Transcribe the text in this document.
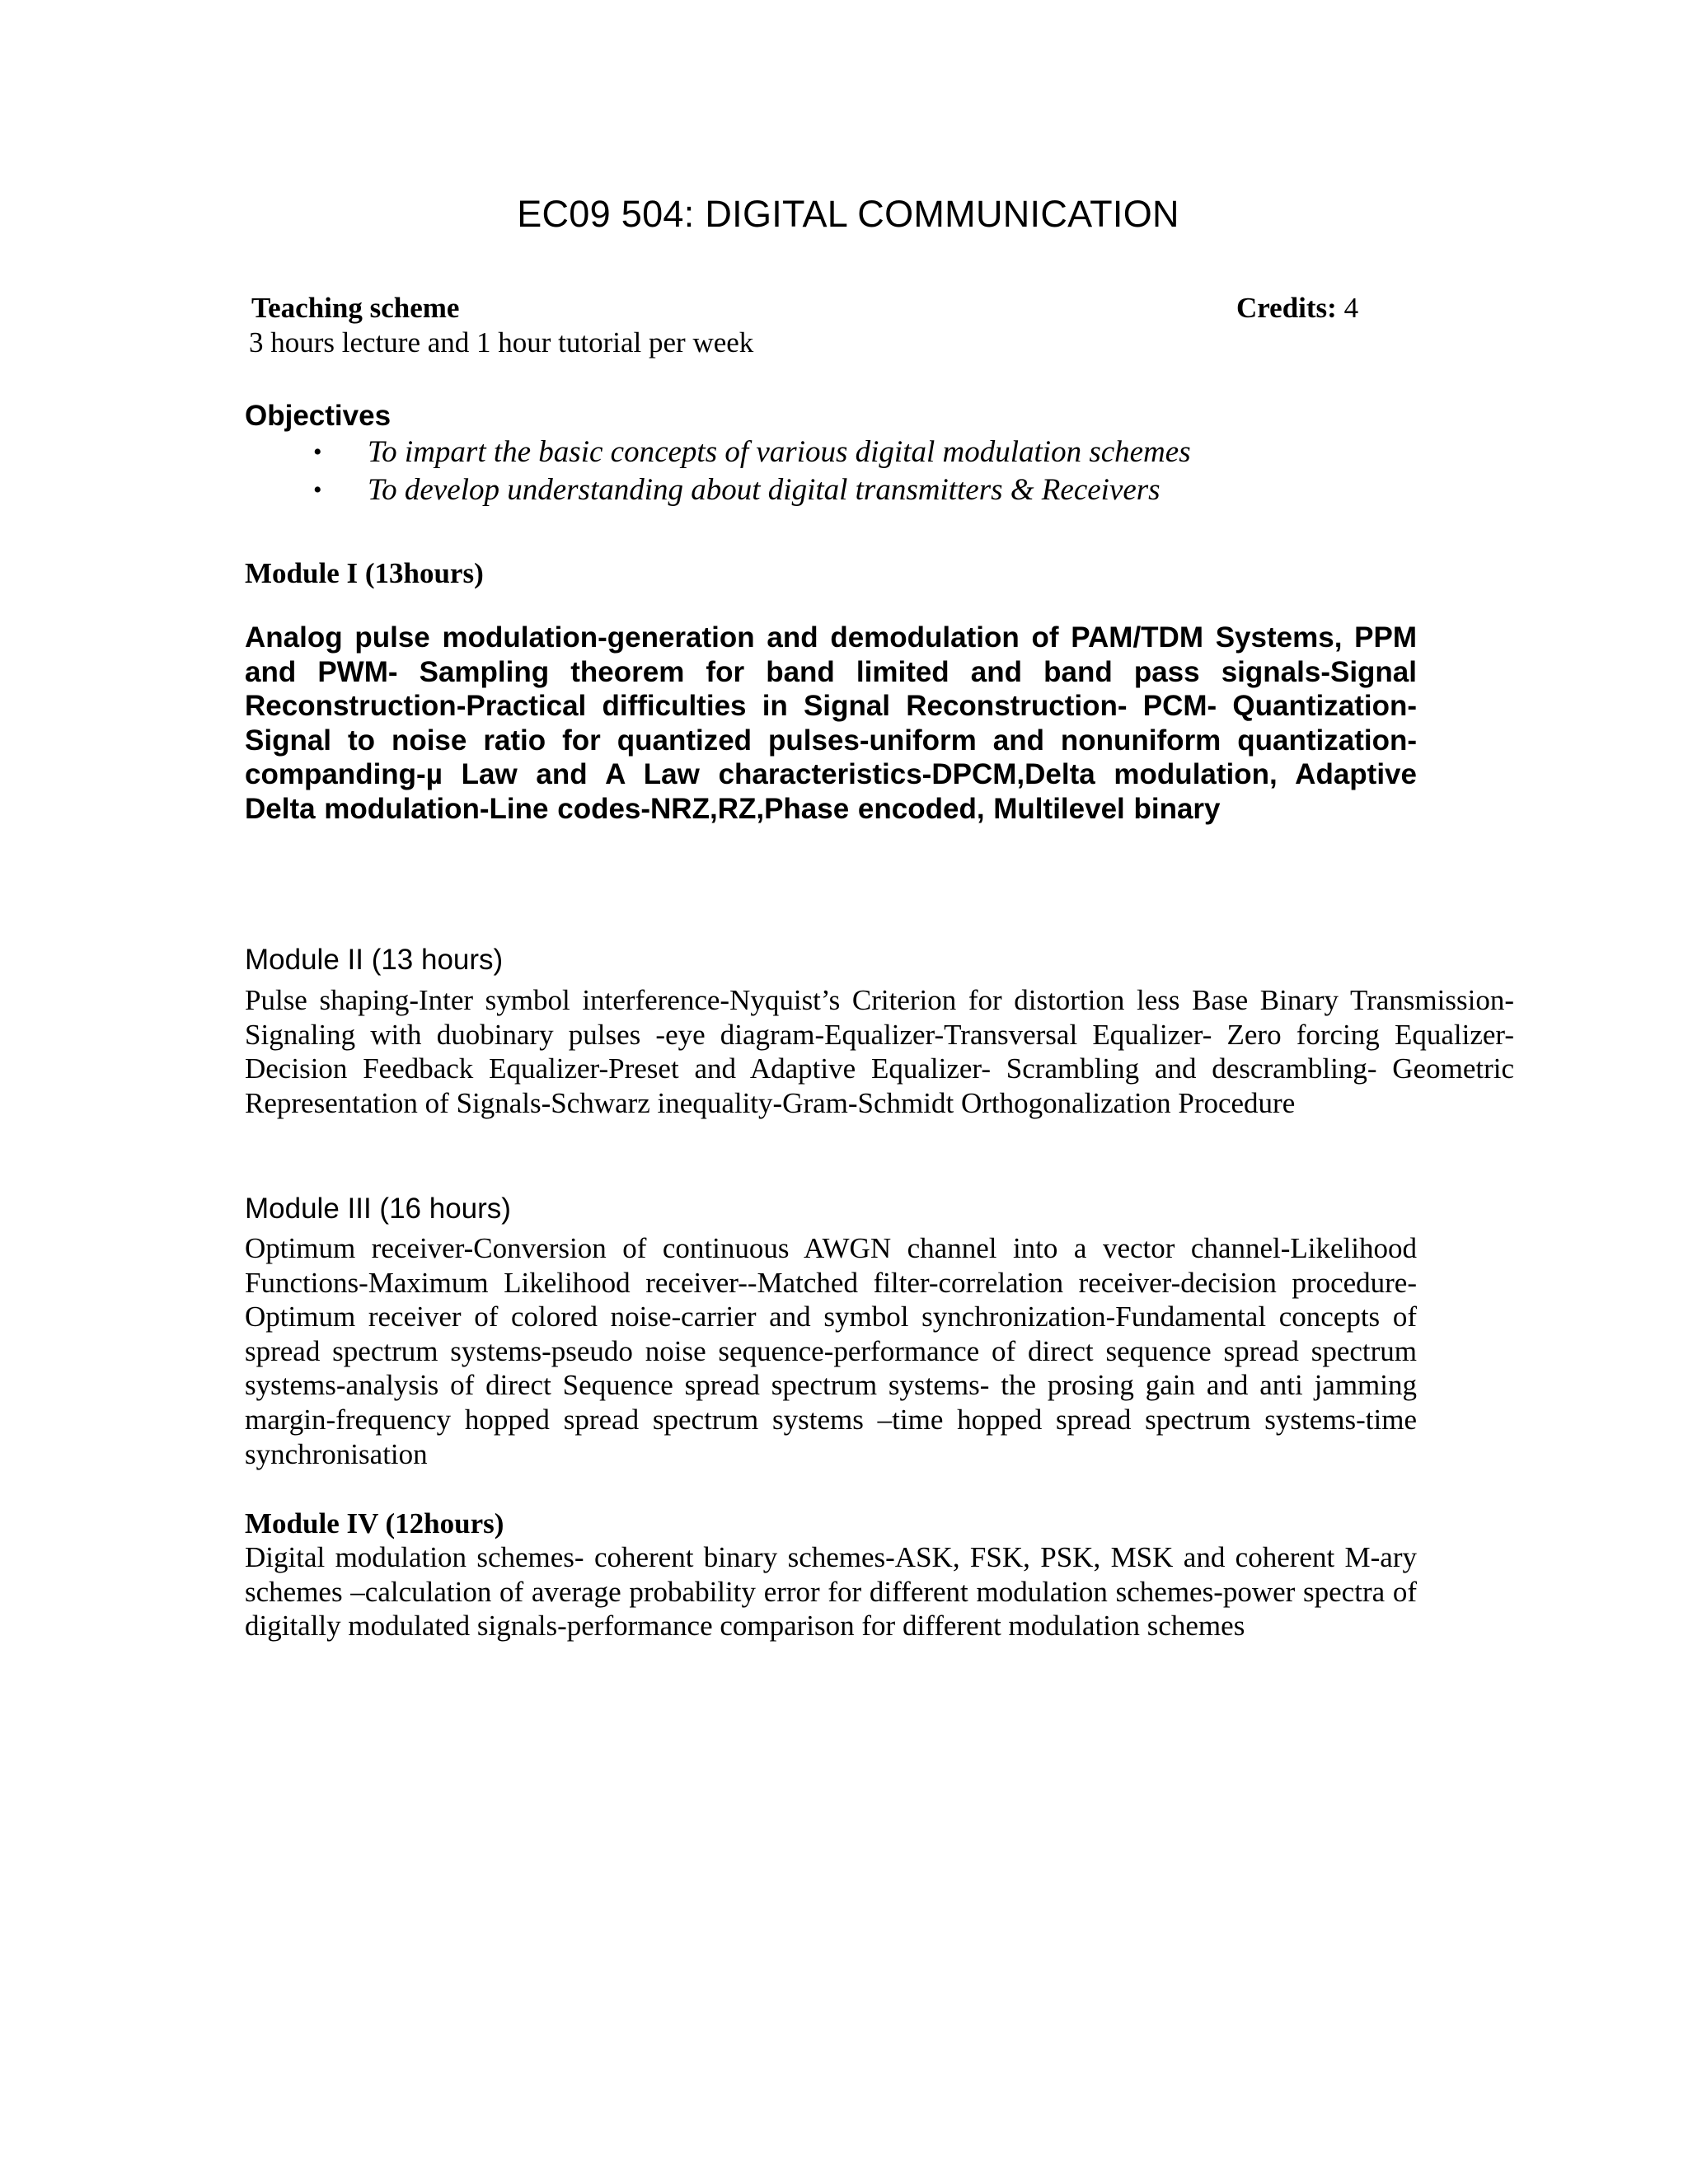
EC09 504: DIGITAL COMMUNICATION
Teaching scheme	Credits: 4
3 hours lecture and 1 hour tutorial per week
Objectives
• To impart the basic concepts of various digital modulation schemes
• To develop understanding about digital transmitters & Receivers
Module I (13hours)
Analog pulse modulation-generation and demodulation of PAM/TDM Systems, PPM and PWM- Sampling theorem for band limited and band pass signals-Signal Reconstruction-Practical difficulties in Signal Reconstruction- PCM- Quantization-Signal to noise ratio for quantized pulses-uniform and nonuniform quantization-companding-µ Law and A Law characteristics-DPCM,Delta modulation, Adaptive Delta modulation-Line codes-NRZ,RZ,Phase encoded, Multilevel binary
Module II (13 hours)
Pulse shaping-Inter symbol interference-Nyquist’s Criterion for distortion less Base Binary Transmission-Signaling with duobinary pulses -eye diagram-Equalizer-Transversal Equalizer- Zero forcing Equalizer-Decision Feedback Equalizer-Preset and Adaptive Equalizer- Scrambling and descrambling- Geometric Representation of Signals-Schwarz inequality-Gram-Schmidt Orthogonalization Procedure
Module III (16 hours)
Optimum receiver-Conversion of continuous AWGN channel into a vector channel-Likelihood Functions-Maximum Likelihood receiver--Matched filter-correlation receiver-decision procedure- Optimum receiver of colored noise-carrier and symbol synchronization-Fundamental concepts of spread spectrum systems-pseudo noise sequence-performance of direct sequence spread spectrum systems-analysis of direct Sequence spread spectrum systems- the prosing gain and anti jamming margin-frequency hopped spread spectrum systems –time hopped spread spectrum systems-time synchronisation
Module IV (12hours)
Digital modulation schemes- coherent binary schemes-ASK, FSK, PSK, MSK and coherent M-ary schemes –calculation of average probability error for different modulation schemes-power spectra of digitally modulated signals-performance comparison for different modulation schemes
